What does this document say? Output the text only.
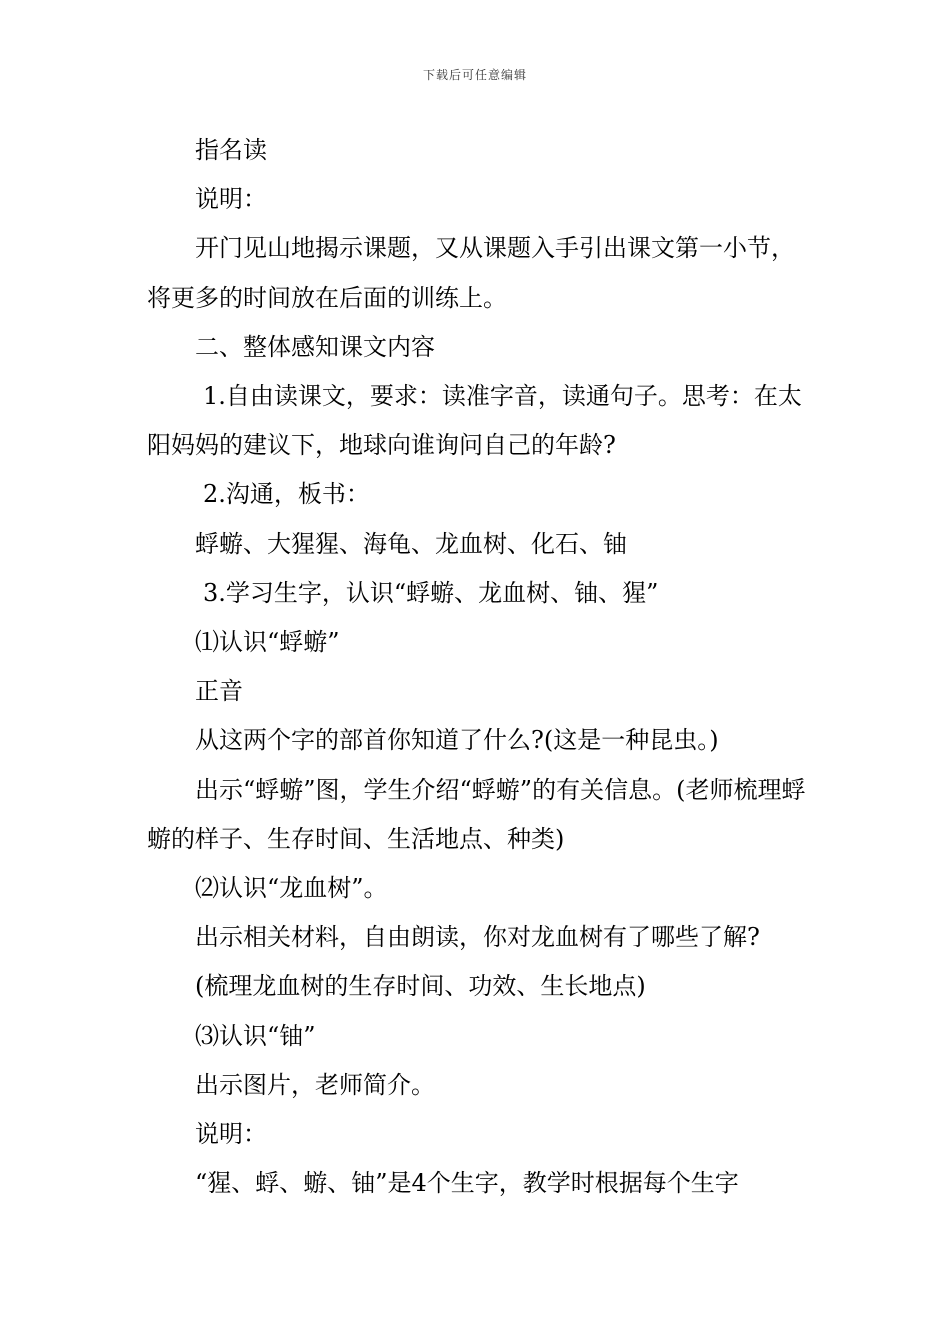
下载后可任意编辑

指名读

说明：

开门见山地揭示课题，又从课题入手引出课文第一小节，将更多的时间放在后面的训练上。

二、整体感知课文内容

1.自由读课文，要求：读准字音，读通句子。思考：在太阳妈妈的建议下，地球向谁询问自己的年龄?

2.沟通，板书：

蜉蝣、大猩猩、海龟、龙血树、化石、铀

3.学习生字，认识“蜉蝣、龙血树、铀、猩”

⑴认识“蜉蝣”

正音

从这两个字的部首你知道了什么?(这是一种昆虫。)

出示“蜉蝣”图，学生介绍“蜉蝣”的有关信息。(老师梳理蜉蝣的样子、生存时间、生活地点、种类)

⑵认识“龙血树”。

出示相关材料，自由朗读，你对龙血树有了哪些了解?

(梳理龙血树的生存时间、功效、生长地点)

⑶认识“铀”

出示图片，老师简介。

说明：

“猩、蜉、蝣、铀”是4个生字，教学时根据每个生字
